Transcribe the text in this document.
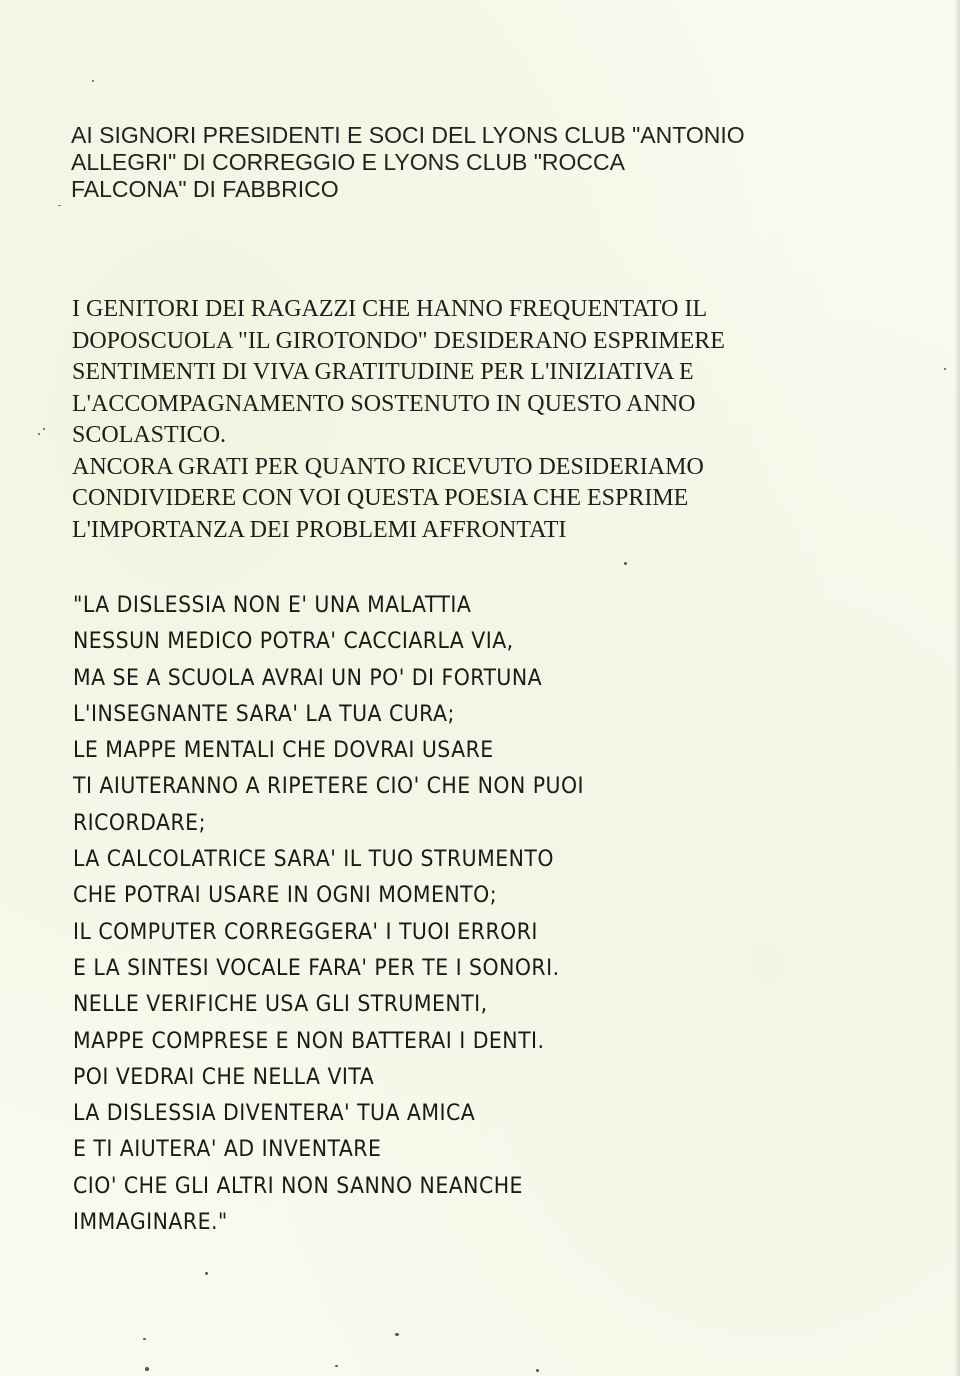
AI SIGNORI PRESIDENTI E SOCI DEL LYONS CLUB "ANTONIO
ALLEGRI" DI CORREGGIO E LYONS CLUB "ROCCA
FALCONA" DI FABBRICO
I GENITORI DEI RAGAZZI CHE HANNO FREQUENTATO IL
DOPOSCUOLA "IL GIROTONDO" DESIDERANO ESPRIMERE
SENTIMENTI DI VIVA GRATITUDINE PER L'INIZIATIVA E
L'ACCOMPAGNAMENTO SOSTENUTO IN QUESTO ANNO
SCOLASTICO.
ANCORA GRATI PER QUANTO RICEVUTO DESIDERIAMO
CONDIVIDERE CON VOI QUESTA POESIA CHE ESPRIME
L'IMPORTANZA DEI PROBLEMI AFFRONTATI
"LA DISLESSIA NON E' UNA MALATTIA
NESSUN MEDICO POTRA' CACCIARLA VIA,
MA SE A SCUOLA AVRAI UN PO' DI FORTUNA
L'INSEGNANTE SARA' LA TUA CURA;
LE MAPPE MENTALI CHE DOVRAI USARE
TI AIUTERANNO A RIPETERE CIO' CHE NON PUOI
RICORDARE;
LA CALCOLATRICE SARA' IL TUO STRUMENTO
CHE POTRAI USARE IN OGNI MOMENTO;
IL COMPUTER CORREGGERA' I TUOI ERRORI
E LA SINTESI VOCALE FARA' PER TE I SONORI.
NELLE VERIFICHE USA GLI STRUMENTI,
MAPPE COMPRESE E NON BATTERAI I DENTI.
POI VEDRAI CHE NELLA VITA
LA DISLESSIA DIVENTERA' TUA AMICA
E TI AIUTERA' AD INVENTARE
CIO' CHE GLI ALTRI NON SANNO NEANCHE
IMMAGINARE."
